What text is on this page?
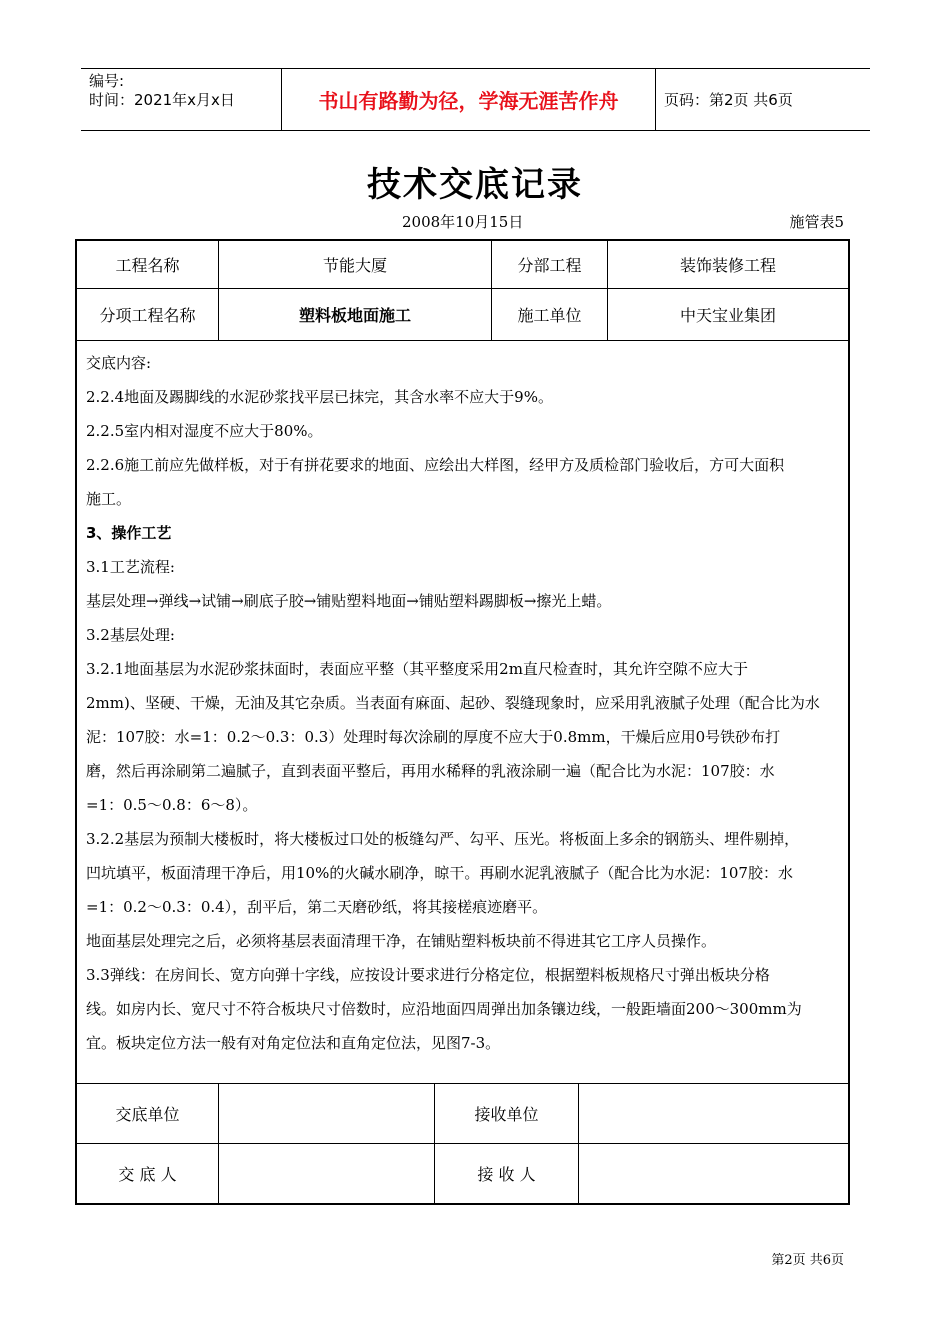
编号:
时间：2021年x月x日	书山有路勤为径，学海无涯苦作舟	页码：第2页 共6页
技术交底记录
2008年10月15日	施管表5
工程名称	节能大厦	分部工程	装饰装修工程
分项工程名称	塑料板地面施工	施工单位	中天宝业集团

交底内容:

2.2.4地面及踢脚线的水泥砂浆找平层已抹完，其含水率不应大于9%。

2.2.5室内相对湿度不应大于80%。

2.2.6施工前应先做样板，对于有拼花要求的地面、应绘出大样图，经甲方及质检部门验收后，方可大面积

施工。

3、操作工艺

3.1工艺流程:

基层处理→弹线→试铺→刷底子胶→铺贴塑料地面→铺贴塑料踢脚板→擦光上蜡。

3.2基层处理:

3.2.1地面基层为水泥砂浆抹面时，表面应平整（其平整度采用2m直尺检查时，其允许空隙不应大于

2mm)、坚硬、干燥，无油及其它杂质。当表面有麻面、起砂、裂缝现象时，应采用乳液腻子处理（配合比为水

泥：107胶：水=1：0.2～0.3：0.3）处理时每次涂刷的厚度不应大于0.8mm，干燥后应用0号铁砂布打

磨，然后再涂刷第二遍腻子，直到表面平整后，再用水稀释的乳液涂刷一遍（配合比为水泥：107胶：水

=1：0.5～0.8：6～8）。

3.2.2基层为预制大楼板时，将大楼板过口处的板缝勾严、勾平、压光。将板面上多余的钢筋头、埋件剔掉，

凹坑填平，板面清理干净后，用10%的火碱水刷净，晾干。再刷水泥乳液腻子（配合比为水泥：107胶：水

=1：0.2～0.3：0.4），刮平后，第二天磨砂纸，将其接槎痕迹磨平。

地面基层处理完之后，必须将基层表面清理干净，在铺贴塑料板块前不得进其它工序人员操作。

3.3弹线：在房间长、宽方向弹十字线，应按设计要求进行分格定位，根据塑料板规格尺寸弹出板块分格

线。如房内长、宽尺寸不符合板块尺寸倍数时，应沿地面四周弹出加条镶边线，一般距墙面200～300mm为

宜。板块定位方法一般有对角定位法和直角定位法，见图7-3。

交底单位	接收单位
交 底 人	接 收 人
第2页 共6页
